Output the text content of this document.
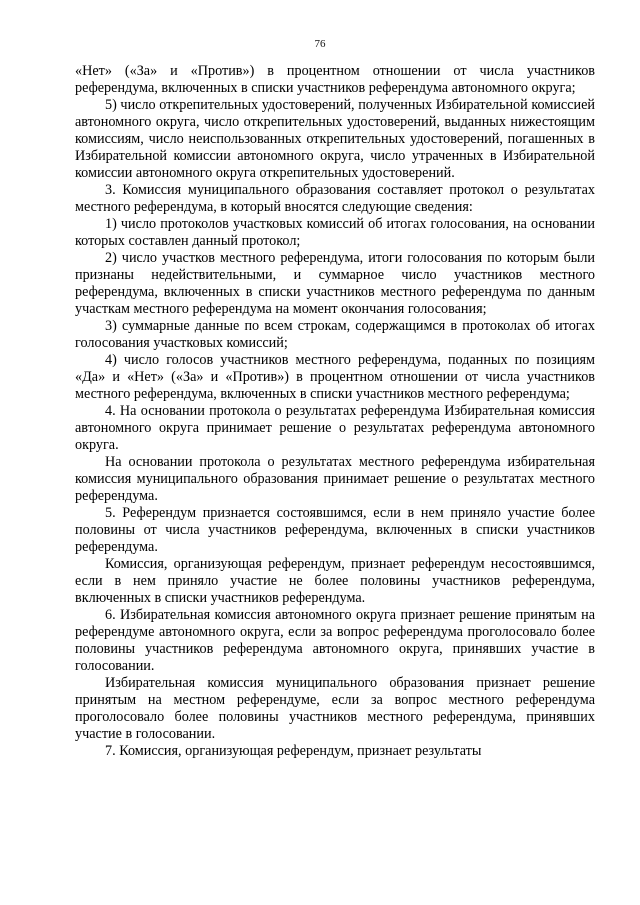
76

«Нет» («За» и «Против») в процентном отношении от числа участников референдума, включенных в списки участников референдума автономного округа;

5) число открепительных удостоверений, полученных Избирательной комиссией автономного округа, число открепительных удостоверений, выданных нижестоящим комиссиям, число неиспользованных открепительных удостоверений, погашенных в Избирательной комиссии автономного округа, число утраченных в Избирательной комиссии автономного округа открепительных удостоверений.

3. Комиссия муниципального образования составляет протокол о результатах местного референдума, в который вносятся следующие сведения:

1) число протоколов участковых комиссий об итогах голосования, на основании которых составлен данный протокол;

2) число участков местного референдума, итоги голосования по которым были признаны недействительными, и суммарное число участников местного референдума, включенных в списки участников местного референдума по данным участкам местного референдума на момент окончания голосования;

3) суммарные данные по всем строкам, содержащимся в протоколах об итогах голосования участковых комиссий;

4) число голосов участников местного референдума, поданных по позициям «Да» и «Нет» («За» и «Против») в процентном отношении от числа участников местного референдума, включенных в списки участников местного референдума;

4. На основании протокола о результатах референдума Избирательная комиссия автономного округа принимает решение о результатах референдума автономного округа.

На основании протокола о результатах местного референдума избирательная комиссия муниципального образования принимает решение о результатах местного референдума.

5. Референдум признается состоявшимся, если в нем приняло участие более половины от числа участников референдума, включенных в списки участников референдума.

Комиссия, организующая референдум, признает референдум несостоявшимся, если в нем приняло участие не более половины участников референдума, включенных в списки участников референдума.

6. Избирательная комиссия автономного округа признает решение принятым на референдуме автономного округа, если за вопрос референдума проголосовало более половины участников референдума автономного округа, принявших участие в голосовании.

Избирательная комиссия муниципального образования признает решение принятым на местном референдуме, если за вопрос местного референдума проголосовало более половины участников местного референдума, принявших участие в голосовании.

7. Комиссия, организующая референдум, признает результаты
